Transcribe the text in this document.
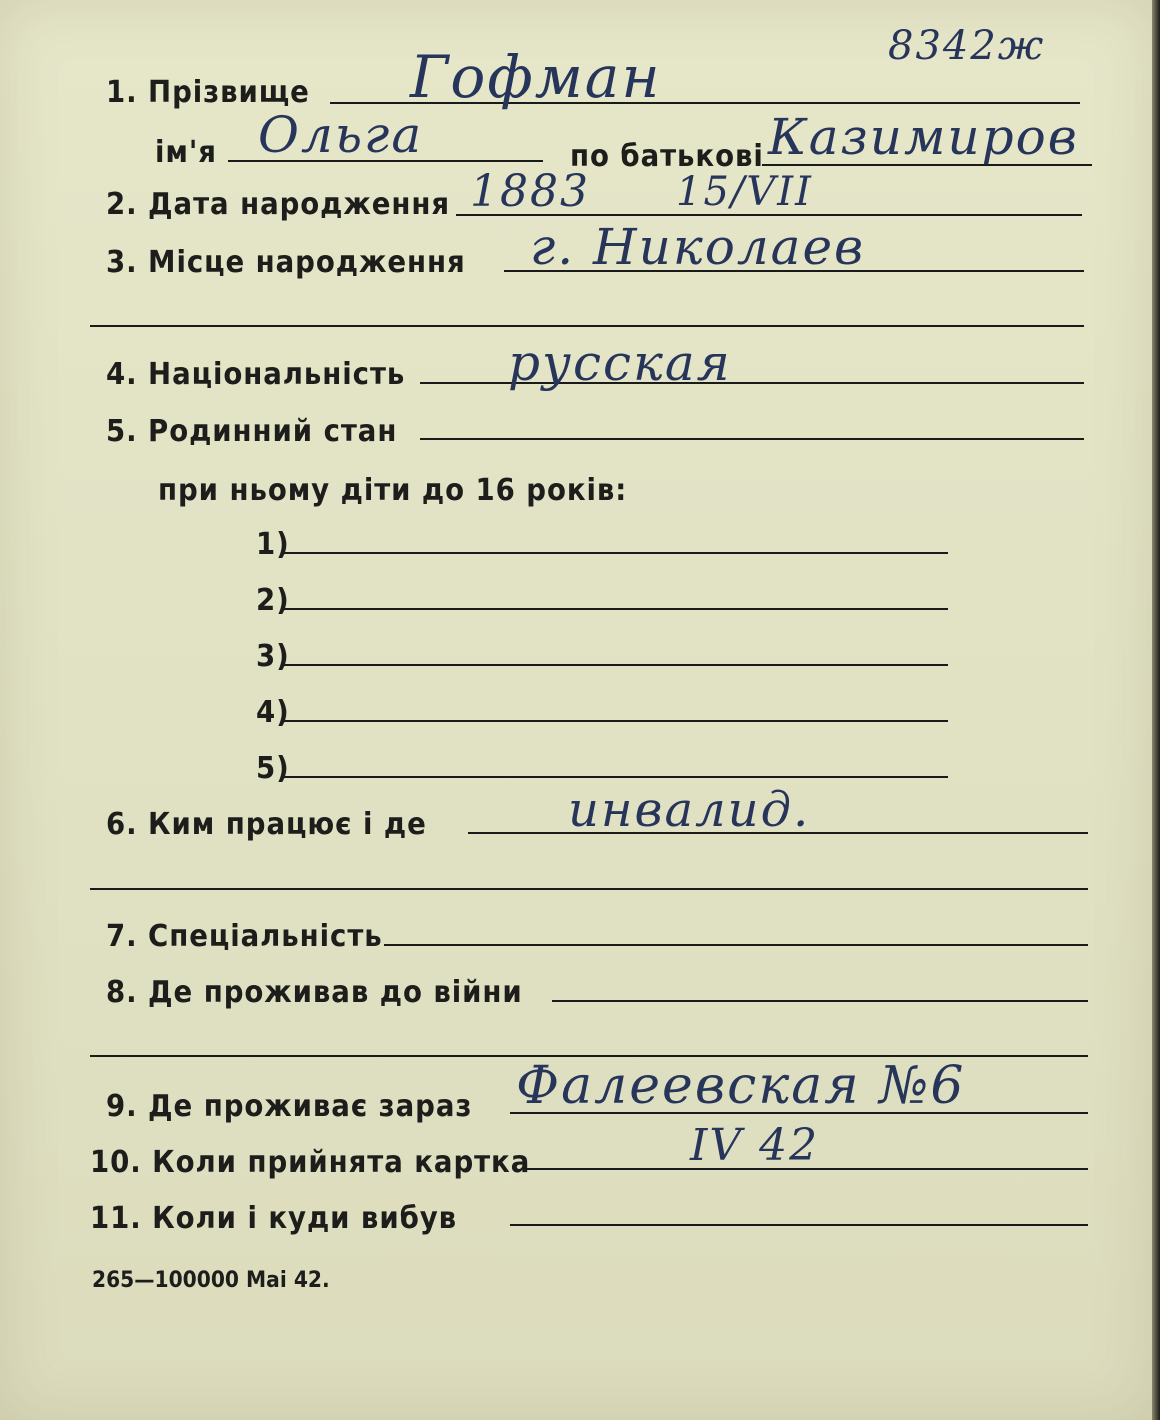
8342ж
1. Прізвище Гофман
ім'я Ольга	по батькові Казимиров
2. Дата народження 1883 15/VII
3. Місце народження г. Николаев
4. Національність русская
5. Родинний стан
при ньому діти до 16 років:
1)
2)
3)
4)
5)
6. Ким працює і де	инвалид.
7. Спеціальність
8. Де проживав до війни
9. Де проживає зараз Фалеевская №6
10. Коли прийнята картка	IV 42
11. Коли і куди вибув
265—100000 Mai 42.
